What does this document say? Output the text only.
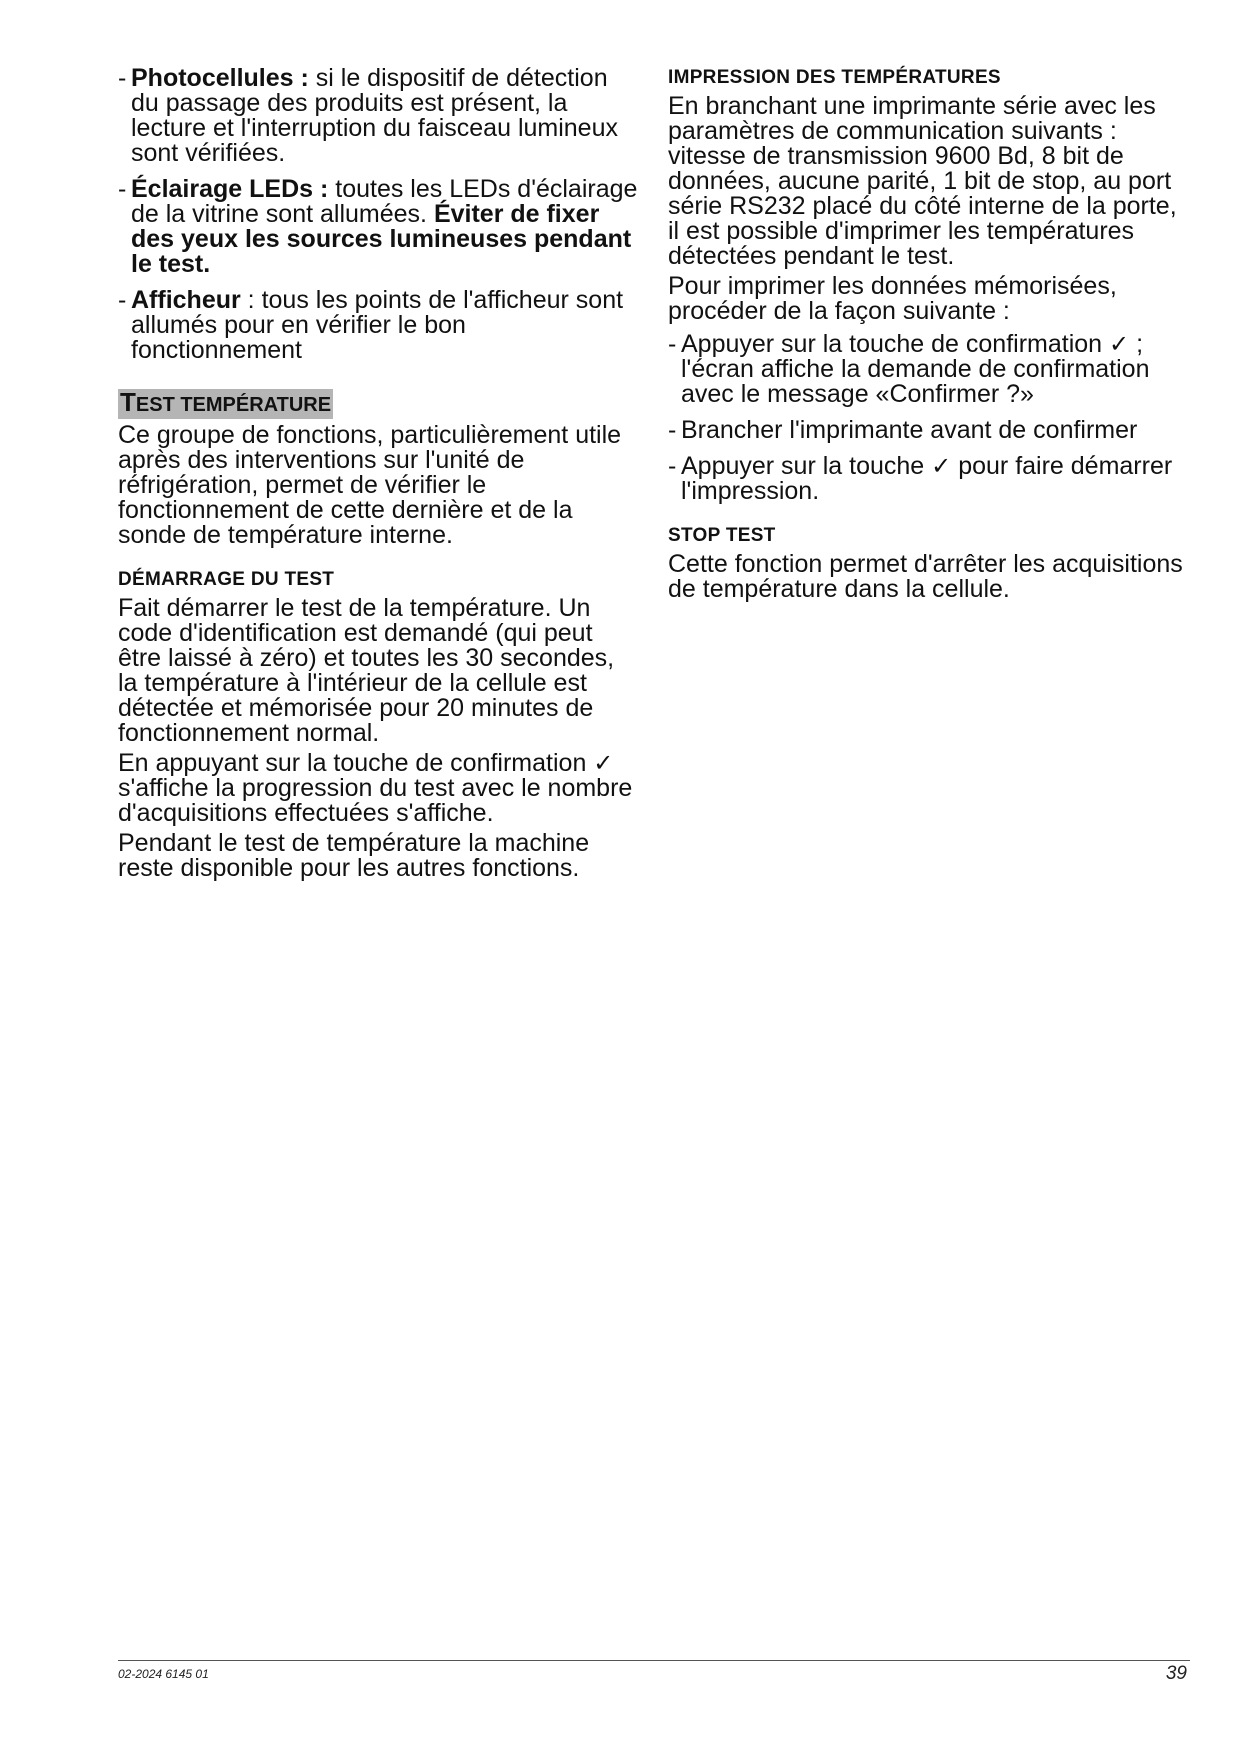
- Photocellules : si le dispositif de détection du passage des produits est présent, la lecture et l'interruption du faisceau lumineux sont vérifiées.
- Éclairage LEDs : toutes les LEDs d'éclairage de la vitrine sont allumées. Éviter de fixer des yeux les sources lumineuses pendant le test.
- Afficheur : tous les points de l'afficheur sont allumés pour en vérifier le bon fonctionnement
TEST TEMPÉRATURE

Ce groupe de fonctions, particulièrement utile après des interventions sur l'unité de réfrigération, permet de vérifier le fonctionnement de cette dernière et de la sonde de température interne.

DÉMARRAGE DU TEST

Fait démarrer le test de la température. Un code d'identification est demandé (qui peut être laissé à zéro) et toutes les 30 secondes, la température à l'intérieur de la cellule est détectée et mémorisée pour 20 minutes de fonctionnement normal.

En appuyant sur la touche de confirmation ✓ s'affiche la progression du test avec le nombre d'acquisitions effectuées s'affiche.

Pendant le test de température la machine reste disponible pour les autres fonctions.

IMPRESSION DES TEMPÉRATURES

En branchant une imprimante série avec les paramètres de communication suivants : vitesse de transmission 9600 Bd, 8 bit de données, aucune parité, 1 bit de stop, au port série RS232 placé du côté interne de la porte, il est possible d'imprimer les températures détectées pendant le test.

Pour imprimer les données mémorisées, procéder de la façon suivante :

- Appuyer sur la touche de confirmation ✓ ; l'écran affiche la demande de confirmation avec le message «Confirmer ?»
- Brancher l'imprimante avant de confirmer
- Appuyer sur la touche ✓ pour faire démarrer l'impression.
STOP TEST

Cette fonction permet d'arrêter les acquisitions de température dans la cellule.

02-2024 6145 01	39
